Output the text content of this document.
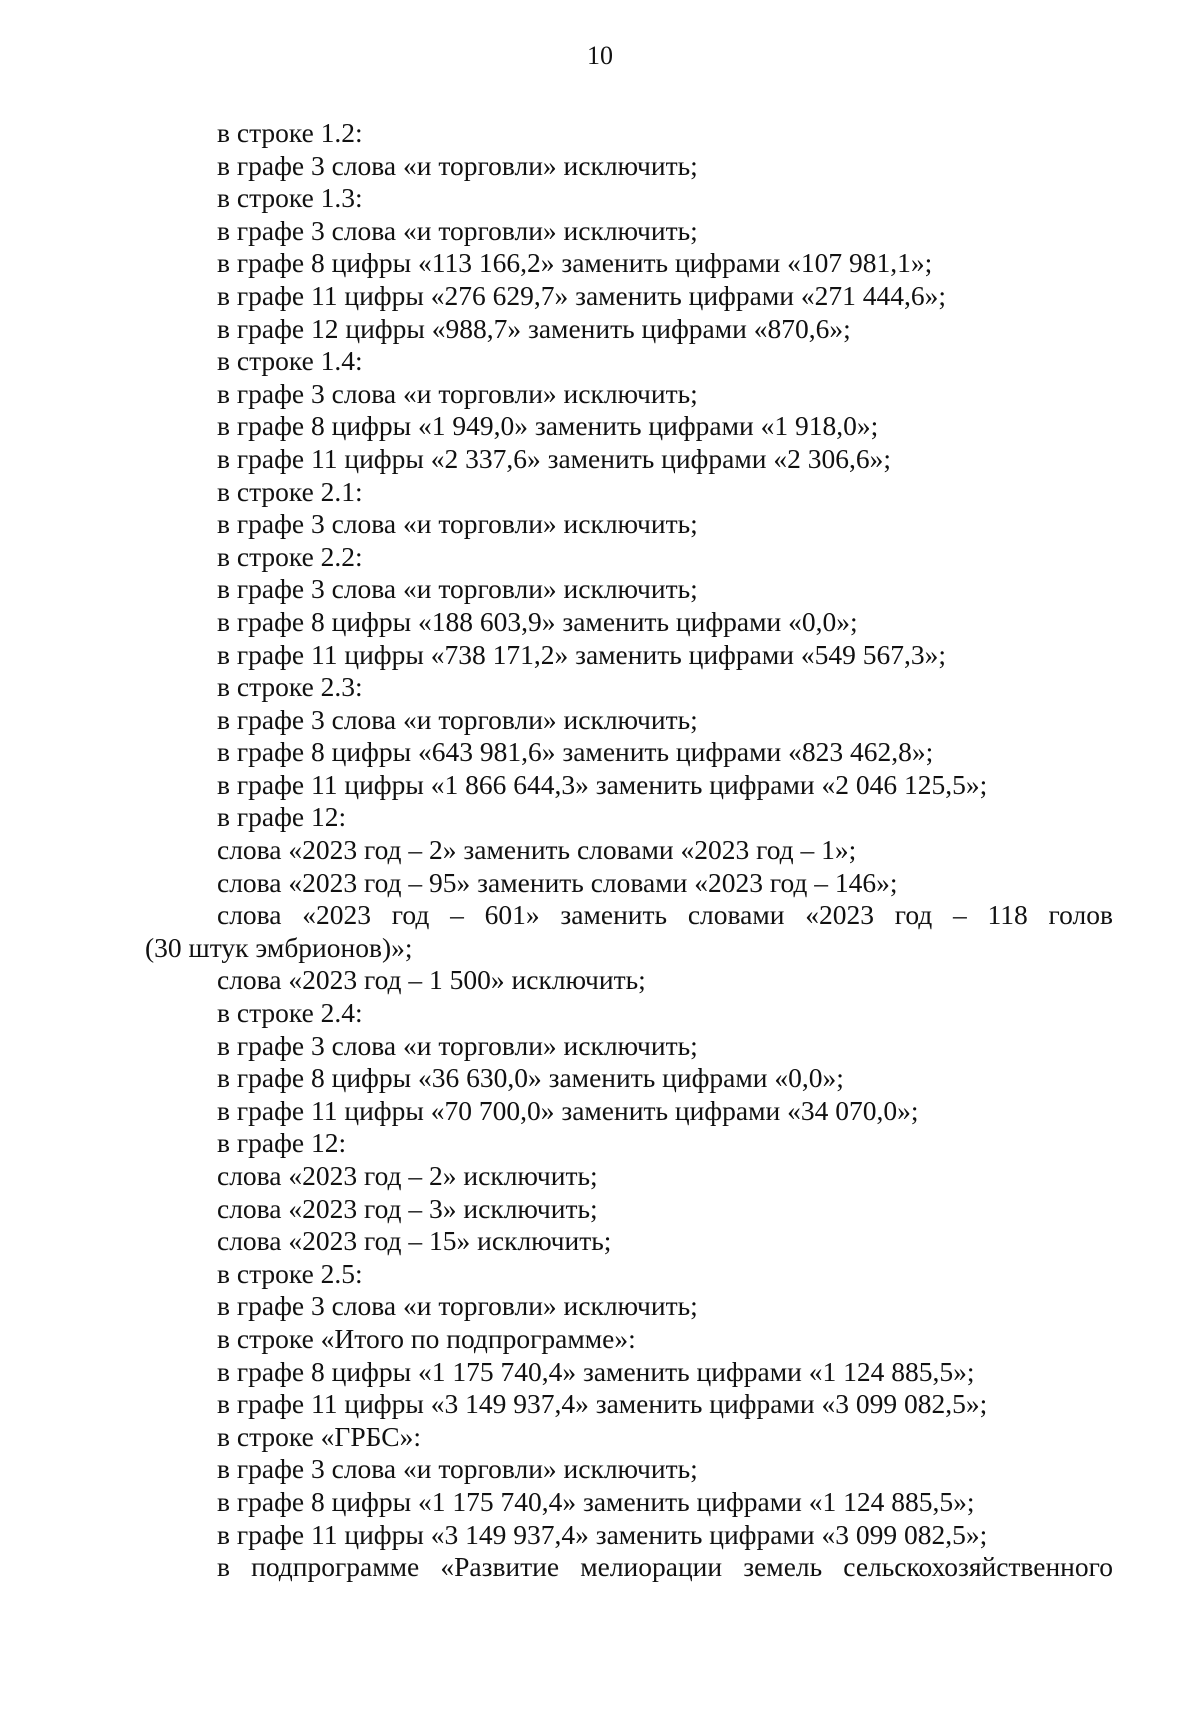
10
в строке 1.2:
в графе 3 слова «и торговли» исключить;
в строке 1.3:
в графе 3 слова «и торговли» исключить;
в графе 8 цифры «113 166,2» заменить цифрами «107 981,1»;
в графе 11 цифры «276 629,7» заменить цифрами «271 444,6»;
в графе 12 цифры «988,7» заменить цифрами «870,6»;
в строке 1.4:
в графе 3 слова «и торговли» исключить;
в графе 8 цифры «1 949,0» заменить цифрами «1 918,0»;
в графе 11 цифры «2 337,6» заменить цифрами «2 306,6»;
в строке 2.1:
в графе 3 слова «и торговли» исключить;
в строке 2.2:
в графе 3 слова «и торговли» исключить;
в графе 8 цифры «188 603,9» заменить цифрами «0,0»;
в графе 11 цифры «738 171,2» заменить цифрами «549 567,3»;
в строке 2.3:
в графе 3 слова «и торговли» исключить;
в графе 8 цифры «643 981,6» заменить цифрами «823 462,8»;
в графе 11 цифры «1 866 644,3» заменить цифрами «2 046 125,5»;
в графе 12:
слова «2023 год – 2» заменить словами «2023 год – 1»;
слова «2023 год – 95» заменить словами «2023 год – 146»;
слова «2023 год – 601» заменить словами «2023 год – 118 голов
(30 штук эмбрионов)»;
слова «2023 год – 1 500» исключить;
в строке 2.4:
в графе 3 слова «и торговли» исключить;
в графе 8 цифры «36 630,0» заменить цифрами «0,0»;
в графе 11 цифры «70 700,0» заменить цифрами «34 070,0»;
в графе 12:
слова «2023 год – 2» исключить;
слова «2023 год – 3» исключить;
слова «2023 год – 15» исключить;
в строке 2.5:
в графе 3 слова «и торговли» исключить;
в строке «Итого по подпрограмме»:
в графе 8 цифры «1 175 740,4» заменить цифрами «1 124 885,5»;
в графе 11 цифры «3 149 937,4» заменить цифрами «3 099 082,5»;
в строке «ГРБС»:
в графе 3 слова «и торговли» исключить;
в графе 8 цифры «1 175 740,4» заменить цифрами «1 124 885,5»;
в графе 11 цифры «3 149 937,4» заменить цифрами «3 099 082,5»;
в подпрограмме «Развитие мелиорации земель сельскохозяйственного
